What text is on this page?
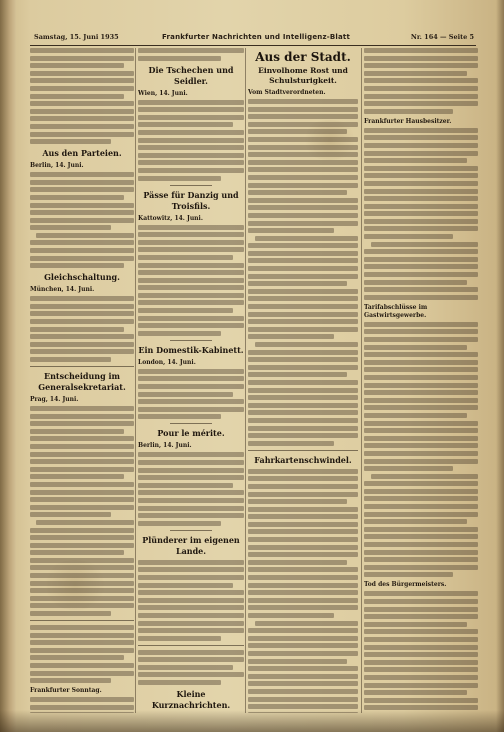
Samstag, 15. Juni 1935	Frankfurter Nachrichten und Intelligenz-Blatt	Nr. 164 — Seite 5
Aus den Parteien.
Berlin, 14. Juni.
Gleichschaltung.
München, 14. Juni.
Entscheidung im Generalsekretariat.
Prag, 14. Juni.
Frankfurter Sonntag.
Die Tschechen und Seidler.
Wien, 14. Juni.
Pässe für Danzig und Troisfils.
Kattowitz, 14. Juni.
Ein Domestik-Kabinett.
London, 14. Juni.
Pour le mérite.
Berlin, 14. Juni.
Plünderer im eigenen Lande.
Kleine Kurznachrichten.
Aus der Stadt.
Einvolhome Rost und Schulsturigkeit.
Vom Stadtverordneten.
Fahrkartenschwindel.
Frankfurter Hausbesitzer.
Tarifabschlüsse im Gastwirtsgewerbe.
Tod des Bürgermeisters.
